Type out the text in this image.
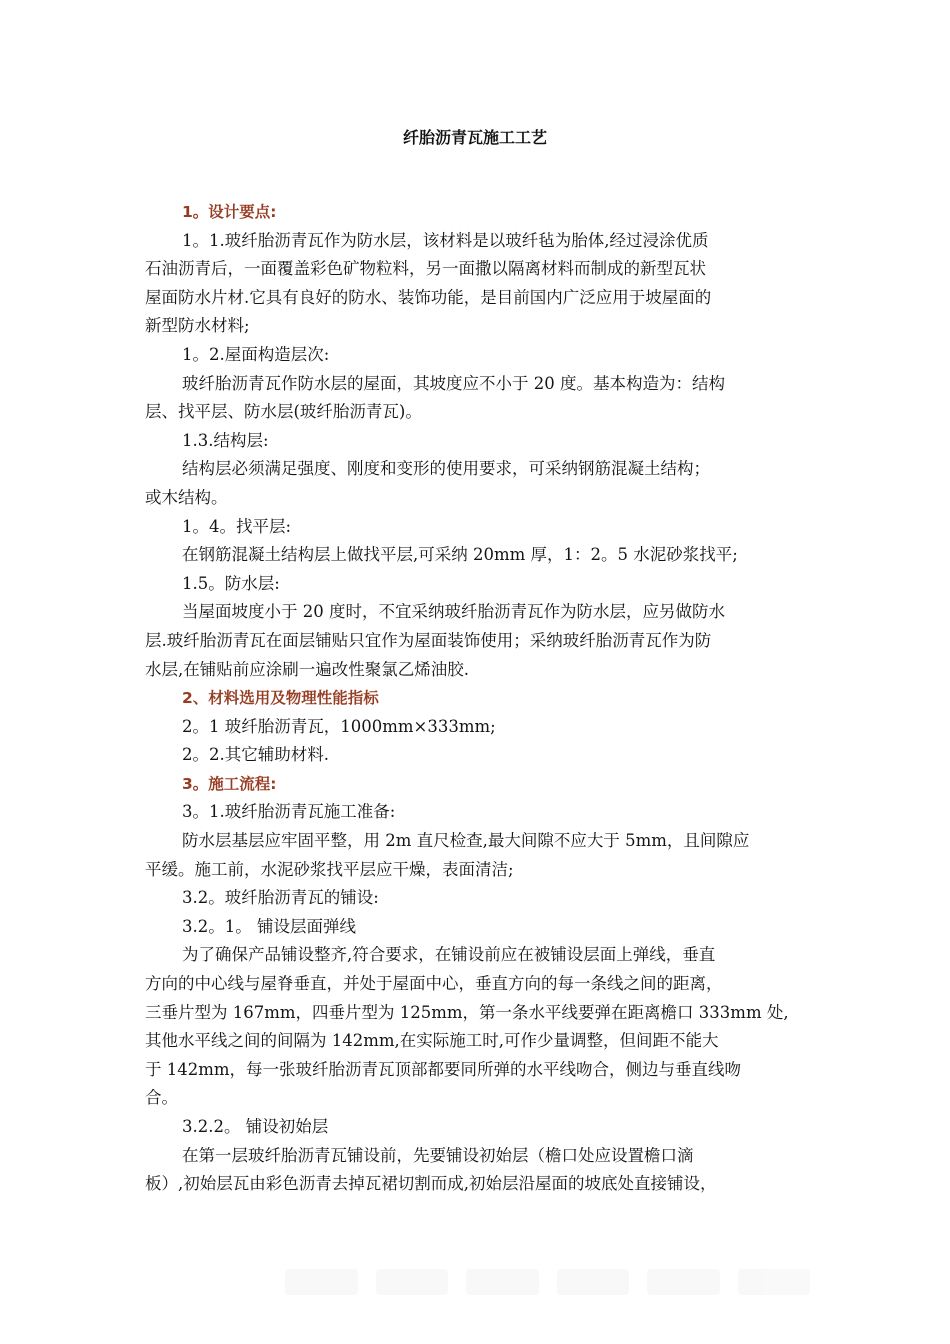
纤胎沥青瓦施工工艺
1。设计要点:
1。1.玻纤胎沥青瓦作为防水层，该材料是以玻纤毡为胎体,经过浸涂优质
石油沥青后，一面覆盖彩色矿物粒料，另一面撒以隔离材料而制成的新型瓦状
屋面防水片材.它具有良好的防水、装饰功能，是目前国内广泛应用于坡屋面的
新型防水材料;
1。2.屋面构造层次:
玻纤胎沥青瓦作防水层的屋面，其坡度应不小于 20 度。基本构造为：结构
层、找平层、防水层(玻纤胎沥青瓦)。
1.3.结构层:
结构层必须满足强度、刚度和变形的使用要求，可采纳钢筋混凝土结构；
或木结构。
1。4。找平层:
在钢筋混凝土结构层上做找平层,可采纳 20mm 厚，1：2。5 水泥砂浆找平;
1.5。防水层:
当屋面坡度小于 20 度时，不宜采纳玻纤胎沥青瓦作为防水层，应另做防水
层.玻纤胎沥青瓦在面层铺贴只宜作为屋面装饰使用；采纳玻纤胎沥青瓦作为防
水层,在铺贴前应涂刷一遍改性聚氯乙烯油胶.
2、材料选用及物理性能指标
2。1 玻纤胎沥青瓦，1000mm×333mm;
2。2.其它辅助材料.
3。施工流程:
3。1.玻纤胎沥青瓦施工准备:
防水层基层应牢固平整，用 2m 直尺检查,最大间隙不应大于 5mm，且间隙应
平缓。施工前，水泥砂浆找平层应干燥，表面清洁;
3.2。玻纤胎沥青瓦的铺设:
3.2。1。 铺设层面弹线
为了确保产品铺设整齐,符合要求，在铺设前应在被铺设层面上弹线，垂直
方向的中心线与屋脊垂直，并处于屋面中心，垂直方向的每一条线之间的距离，
三垂片型为 167mm，四垂片型为 125mm，第一条水平线要弹在距离檐口 333mm 处,
其他水平线之间的间隔为 142mm,在实际施工时,可作少量调整，但间距不能大
于 142mm，每一张玻纤胎沥青瓦顶部都要同所弹的水平线吻合，侧边与垂直线吻
合。
3.2.2。 铺设初始层
在第一层玻纤胎沥青瓦铺设前，先要铺设初始层（檐口处应设置檐口滴
板）,初始层瓦由彩色沥青去掉瓦裙切割而成,初始层沿屋面的坡底处直接铺设，
